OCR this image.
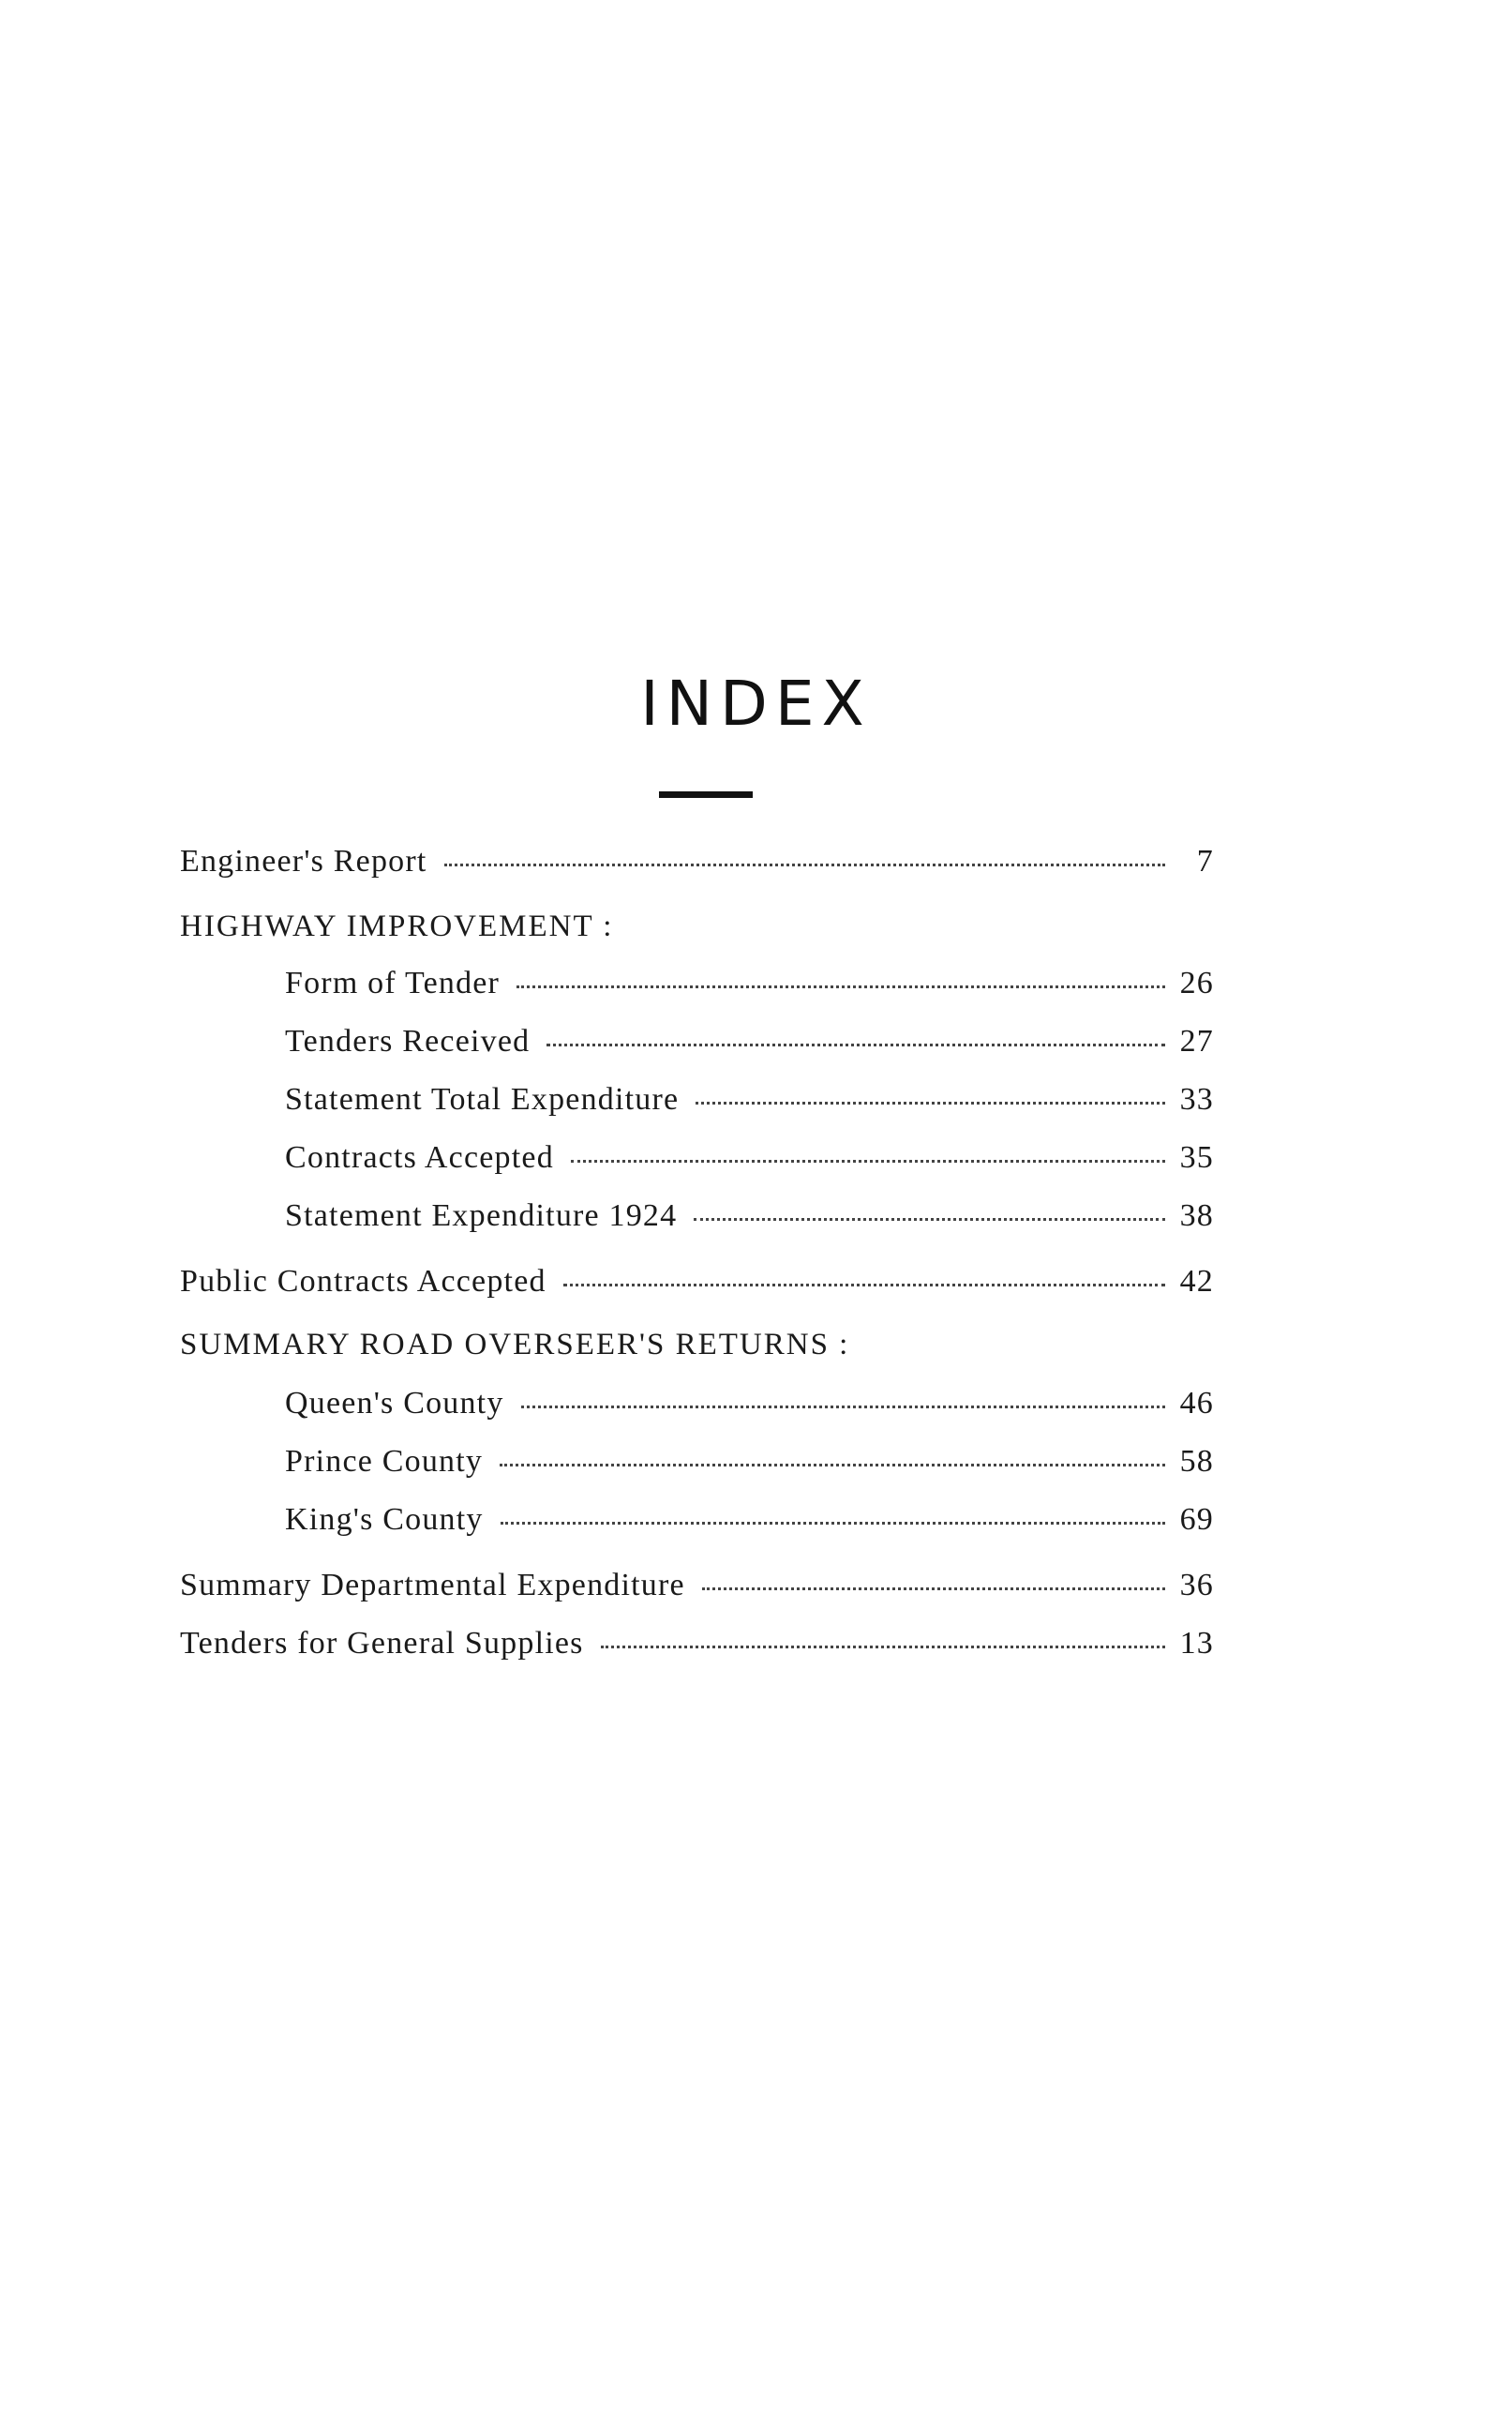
INDEX
Engineer's Report	7
HIGHWAY IMPROVEMENT :
Form of Tender	26
Tenders Received	27
Statement Total Expenditure	33
Contracts Accepted	35
Statement Expenditure 1924	38
Public Contracts Accepted	42
SUMMARY ROAD OVERSEER'S RETURNS :
Queen's County	46
Prince County	58
King's County	69
Summary Departmental Expenditure	36
Tenders for General Supplies	13
